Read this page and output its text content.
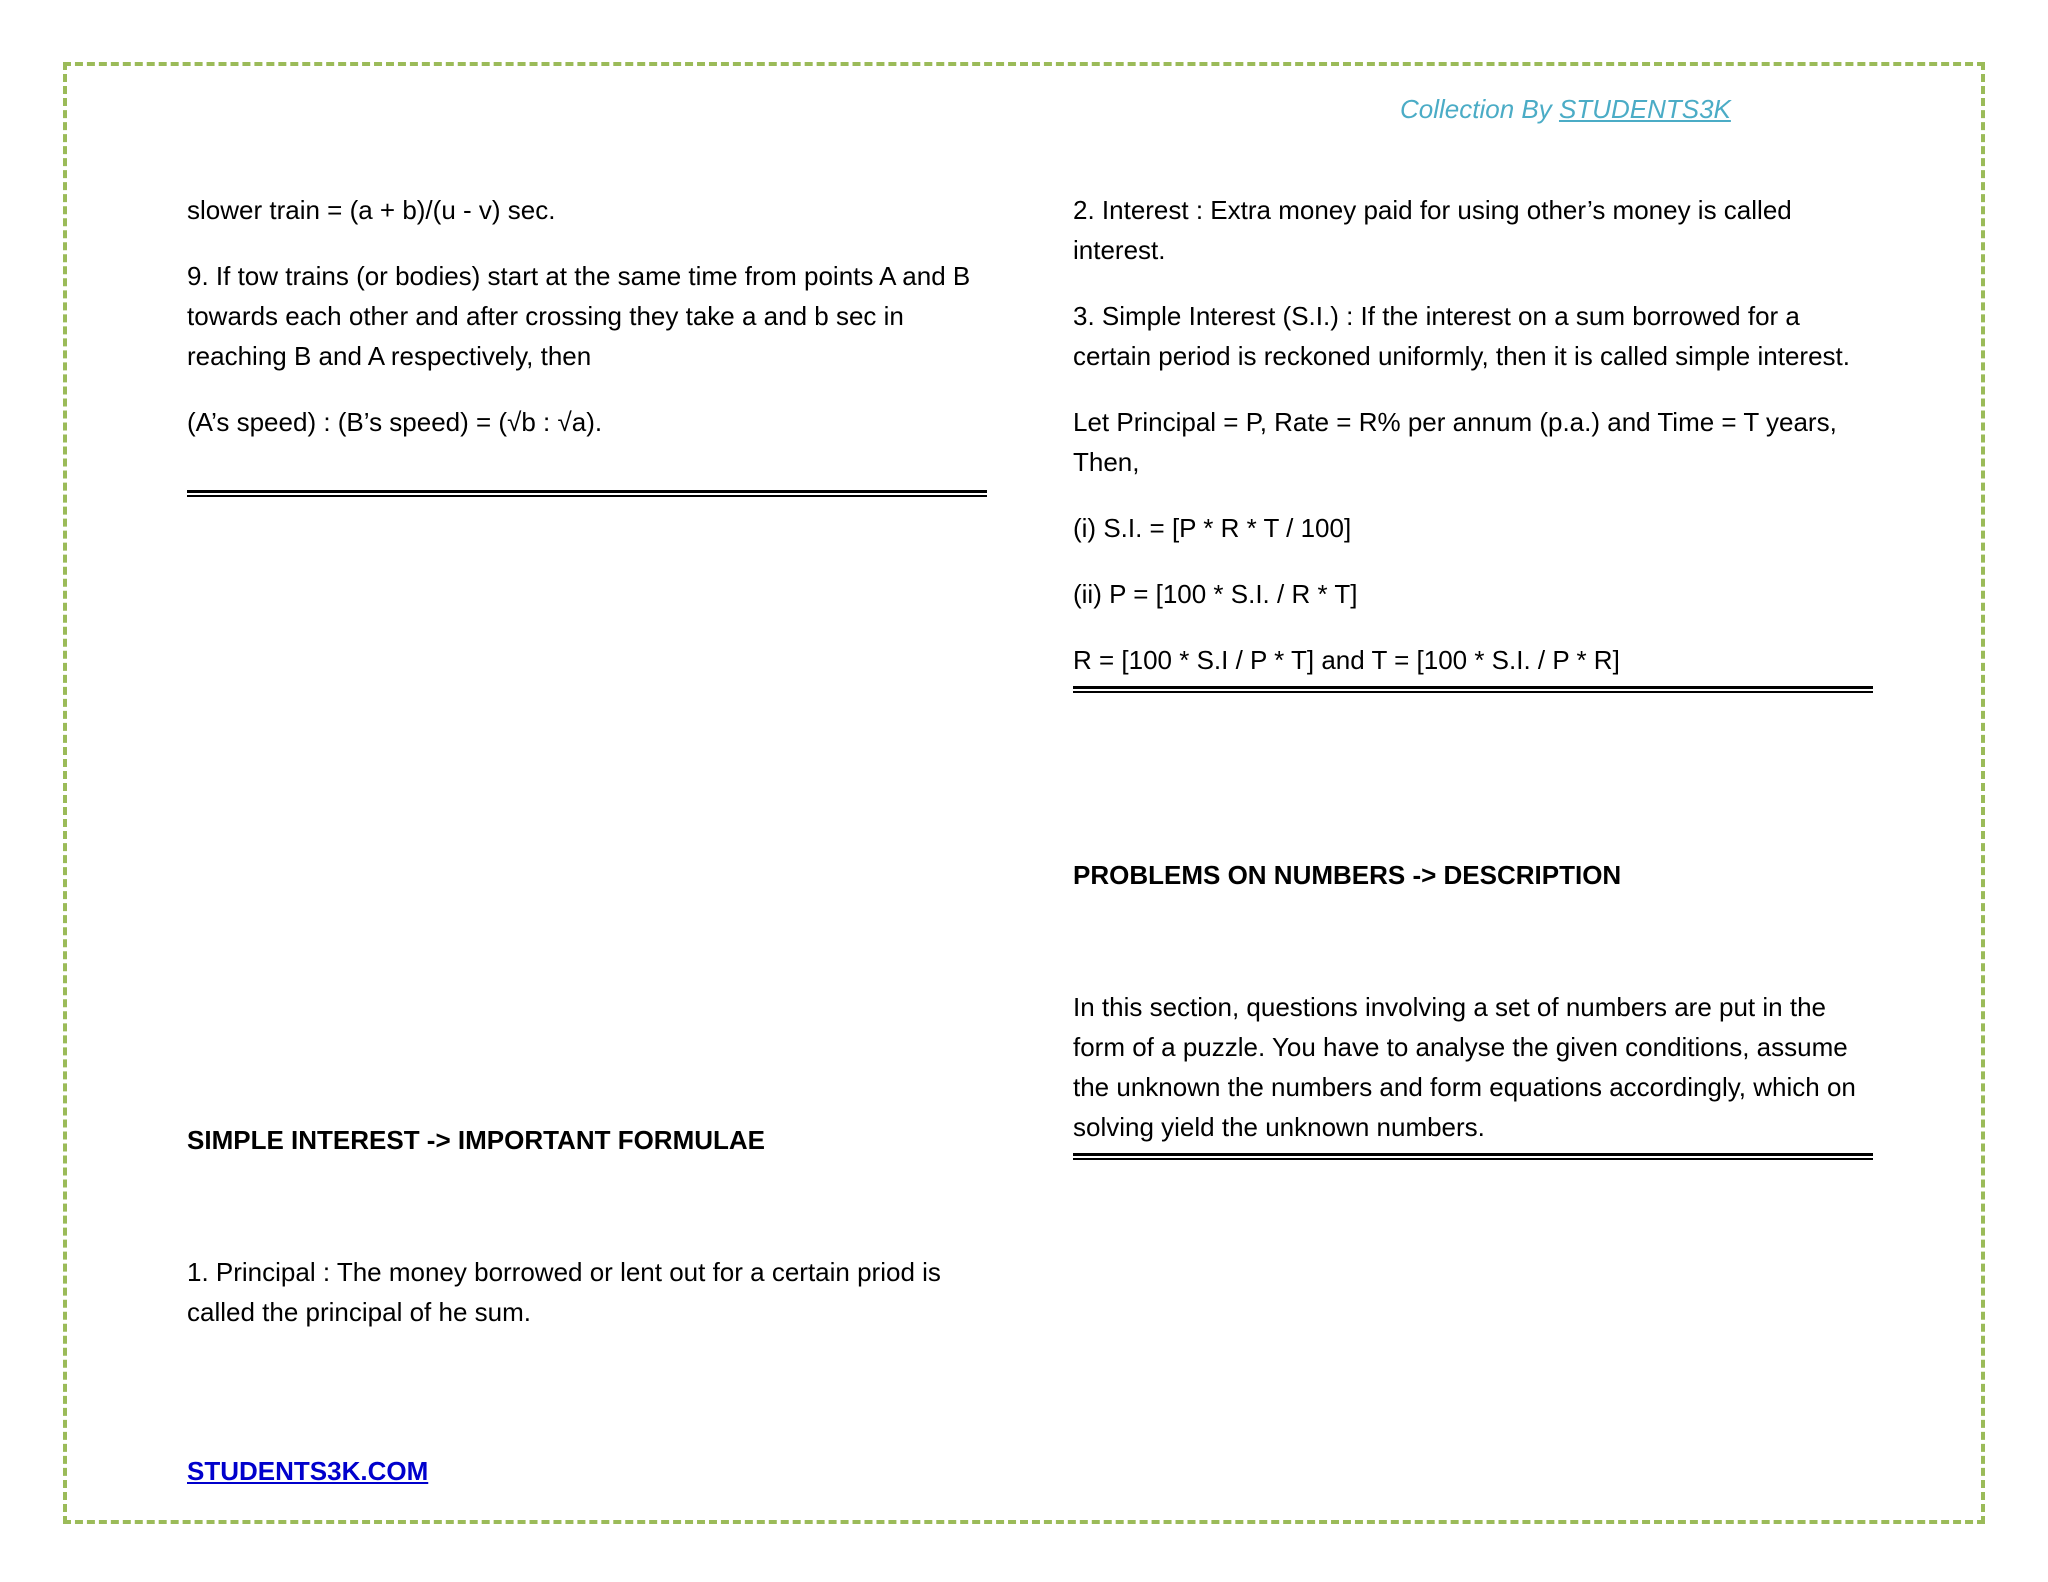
Collection By STUDENTS3K

slower train = (a + b)/(u - v) sec.

9. If tow trains (or bodies) start at the same time from points A and B towards each other and after crossing they take a and b sec in reaching B and A respectively, then

(A’s speed) : (B’s speed) = (√b : √a).

SIMPLE INTEREST -> IMPORTANT FORMULAE

1. Principal : The money borrowed or lent out for a certain priod is called the principal of he sum.

2. Interest : Extra money paid for using other’s money is called interest.

3. Simple Interest (S.I.) : If the interest on a sum borrowed for a certain period is reckoned uniformly, then it is called simple interest.

Let Principal = P, Rate = R% per annum (p.a.) and Time = T years, Then,

(i) S.I. = [P * R * T / 100]

(ii) P = [100 * S.I. / R * T]

R = [100 * S.I / P * T] and T = [100 * S.I. / P * R]

PROBLEMS ON NUMBERS -> DESCRIPTION

In this section, questions involving a set of numbers are put in the form of a puzzle. You have to analyse the given conditions, assume the unknown the numbers and form equations accordingly, which on solving yield the unknown numbers.

STUDENTS3K.COM
